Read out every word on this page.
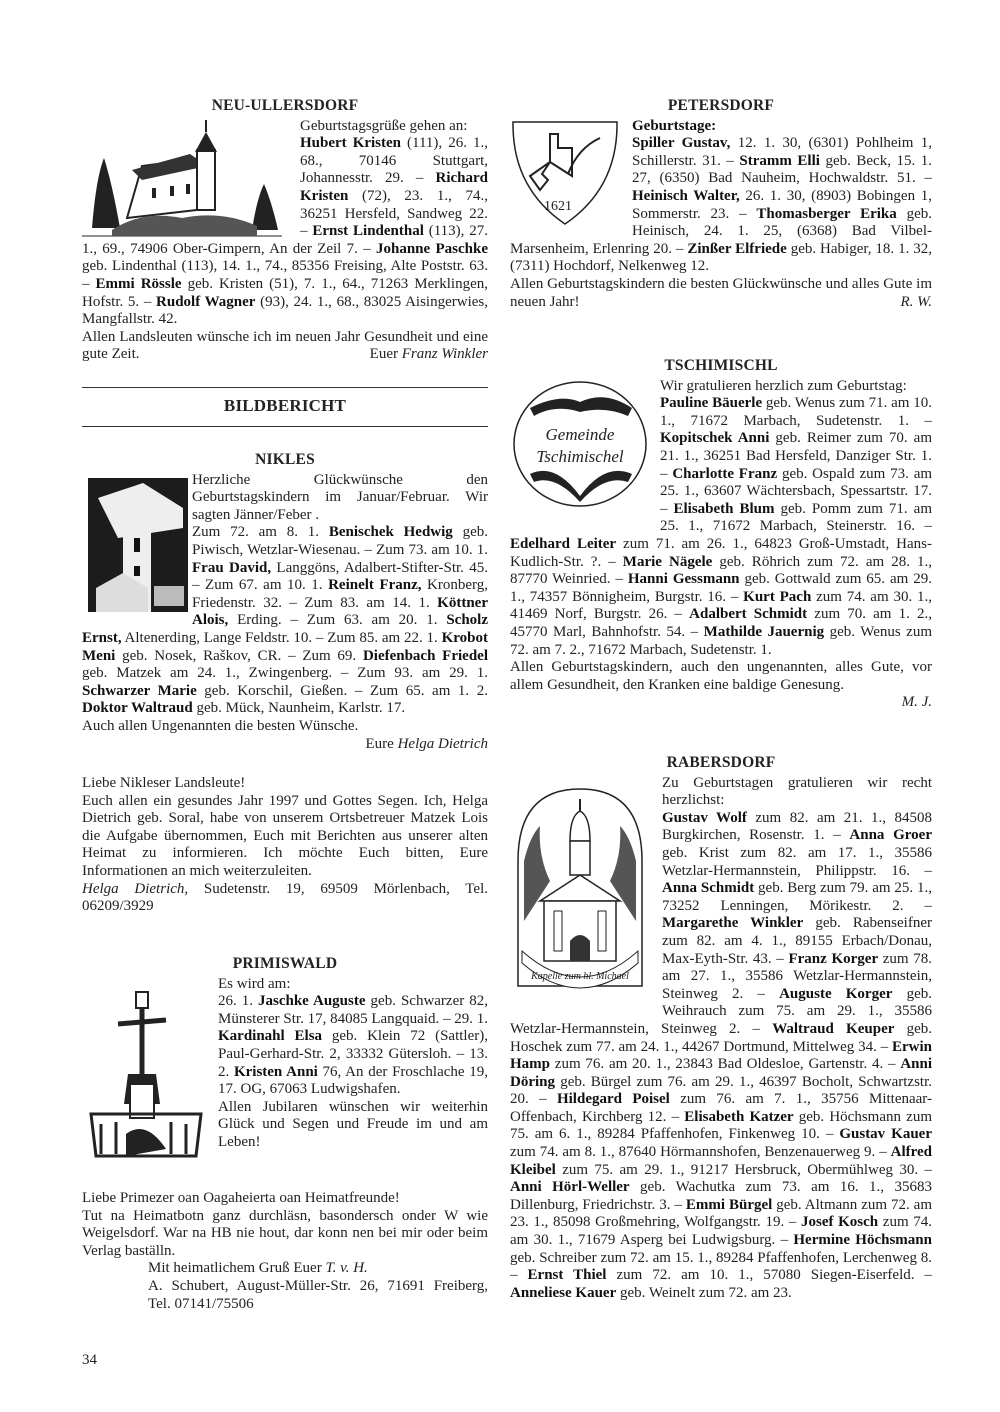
NEU-ULLERSDORF

Geburtstagsgrüße gehen an:

Hubert Kristen (111), 26. 1., 68., 70146 Stuttgart, Johannesstr. 29. – Richard Kristen (72), 23. 1., 74., 36251 Hersfeld, Sandweg 22. – Ernst Lindenthal (113), 27. 1., 69., 74906 Ober-Gimpern, An der Zeil 7. – Johanne Paschke geb. Lindenthal (113), 14. 1., 74., 85356 Freising, Alte Poststr. 63. – Emmi Rössle geb. Kristen (51), 7. 1., 64., 71263 Merklingen, Hofstr. 5. – Rudolf Wagner (93), 24. 1., 68., 83025 Aisingerwies, Mangfallstr. 42.

Allen Landsleuten wünsche ich im neuen Jahr Gesundheit und eine gute Zeit.	Euer Franz Winkler

BILDBERICHT
NIKLES

Herzliche Glückwünsche den Geburtstagskindern im Januar/Februar. Wir sagten Jänner/Feber .

Zum 72. am 8. 1. Benischek Hedwig geb. Piwisch, Wetzlar-Wiesenau. – Zum 73. am 10. 1. Frau David, Langgöns, Adalbert-Stifter-Str. 45. – Zum 67. am 10. 1. Reinelt Franz, Kronberg, Friedenstr. 32. – Zum 83. am 14. 1. Köttner Alois, Erding. – Zum 63. am 20. 1. Scholz Ernst, Altenerding, Lange Feldstr. 10. – Zum 85. am 22. 1. Krobot Meni geb. Nosek, Raškov, CR. – Zum 69. Diefenbach Friedel geb. Matzek am 24. 1., Zwingenberg. – Zum 93. am 29. 1. Schwarzer Marie geb. Korschil, Gießen. – Zum 65. am 1. 2. Doktor Waltraud geb. Mück, Naunheim, Karlstr. 17.

Auch allen Ungenannten die besten Wünsche.

Eure Helga Dietrich

Liebe Nikleser Landsleute!

Euch allen ein gesundes Jahr 1997 und Gottes Segen. Ich, Helga Dietrich geb. Soral, habe von unserem Ortsbetreuer Matzek Lois die Aufgabe übernommen, Euch mit Berichten aus unserer alten Heimat zu informieren. Ich möchte Euch bitten, Eure Informationen an mich weiterzuleiten.

Helga Dietrich, Sudetenstr. 19, 69509 Mörlenbach, Tel. 06209/3929

PRIMISWALD

Es wird am:

26. 1. Jaschke Auguste geb. Schwarzer 82, Münsterer Str. 17, 84085 Langquaid. – 29. 1. Kardinahl Elsa geb. Klein 72 (Sattler), Paul-Gerhard-Str. 2, 33332 Gütersloh. – 13. 2. Kristen Anni 76, An der Froschlache 19, 17. OG, 67063 Ludwigshafen.

Allen Jubilaren wünschen wir weiterhin Glück und Segen und Freude im und am Leben!

Liebe Primezer oan Oagaheierta oan Heimatfreunde!

Tut na Heimatbotn ganz durchläsn, basondersch onder W wie Weigelsdorf. War na HB nie hout, dar konn nen bei mir oder beim Verlag baställn.

Mit heimatlichem Gruß Euer T. v. H.

A. Schubert, August-Müller-Str. 26, 71691 Freiberg, Tel. 07141/75506

34
PETERSDORF
1621

Geburtstage:

Spiller Gustav, 12. 1. 30, (6301) Pohlheim 1, Schillerstr. 31. – Stramm Elli geb. Beck, 15. 1. 27, (6350) Bad Nauheim, Hochwaldstr. 51. – Heinisch Walter, 26. 1. 30, (8903) Bobingen 1, Sommerstr. 23. – Thomasberger Erika geb. Heinisch, 24. 1. 25, (6368) Bad Vilbel-Marsenheim, Erlenring 20. – Zinßer Elfriede geb. Habiger, 18. 1. 32, (7311) Hochdorf, Nelkenweg 12.

Allen Geburtstagskindern die besten Glückwünsche und alles Gute im neuen Jahr!	R. W.

TSCHIMISCHL
Gemeinde
Tschimischel

Wir gratulieren herzlich zum Geburtstag:

Pauline Bäuerle geb. Wenus zum 71. am 10. 1., 71672 Marbach, Sudetenstr. 1. – Kopitschek Anni geb. Reimer zum 70. am 21. 1., 36251 Bad Hersfeld, Danziger Str. 1. – Charlotte Franz geb. Ospald zum 73. am 25. 1., 63607 Wächtersbach, Spessartstr. 17. – Elisabeth Blum geb. Pomm zum 71. am 25. 1., 71672 Marbach, Steinerstr. 16. – Edelhard Leiter zum 71. am 26. 1., 64823 Groß-Umstadt, Hans-Kudlich-Str. ?. – Marie Nägele geb. Röhrich zum 72. am 28. 1., 87770 Weinried. – Hanni Gessmann geb. Gottwald zum 65. am 29. 1., 74357 Bönnigheim, Burgstr. 16. – Kurt Pach zum 74. am 30. 1., 41469 Norf, Burgstr. 26. – Adalbert Schmidt zum 70. am 1. 2., 45770 Marl, Bahnhofstr. 54. – Mathilde Jauernig geb. Wenus zum 72. am 7. 2., 71672 Marbach, Sudetenstr. 1.

Allen Geburtstagskindern, auch den ungenannten, alles Gute, vor allem Gesundheit, den Kranken eine baldige Genesung.

M. J.

RABERSDORF
Kapelle zum hl. Michael

Zu Geburtstagen gratulieren wir recht herzlichst:

Gustav Wolf zum 82. am 21. 1., 84508 Burgkirchen, Rosenstr. 1. – Anna Groer geb. Krist zum 82. am 17. 1., 35586 Wetzlar-Hermannstein, Philippstr. 16. – Anna Schmidt geb. Berg zum 79. am 25. 1., 73252 Lenningen, Mörikestr. 2. – Margarethe Winkler geb. Rabenseifner zum 82. am 4. 1., 89155 Erbach/Donau, Max-Eyth-Str. 43. – Franz Korger zum 78. am 27. 1., 35586 Wetzlar-Hermannstein, Steinweg 2. – Auguste Korger geb. Weihrauch zum 75. am 29. 1., 35586 Wetzlar-Hermannstein, Steinweg 2. – Waltraud Keuper geb. Hoschek zum 77. am 24. 1., 44267 Dortmund, Mittelweg 34. – Erwin Hamp zum 76. am 20. 1., 23843 Bad Oldesloe, Gartenstr. 4. – Anni Döring geb. Bürgel zum 76. am 29. 1., 46397 Bocholt, Schwartzstr. 20. – Hildegard Poisel zum 76. am 7. 1., 35756 Mittenaar-Offenbach, Kirchberg 12. – Elisabeth Katzer geb. Höchsmann zum 75. am 6. 1., 89284 Pfaffenhofen, Finkenweg 10. – Gustav Kauer zum 74. am 8. 1., 87640 Hörmannshofen, Benzenauerweg 9. – Alfred Kleibel zum 75. am 29. 1., 91217 Hersbruck, Obermühlweg 30. – Anni Hörl-Weller geb. Wachutka zum 73. am 16. 1., 35683 Dillenburg, Friedrichstr. 3. – Emmi Bürgel geb. Altmann zum 72. am 23. 1., 85098 Großmehring, Wolfgangstr. 19. – Josef Kosch zum 74. am 30. 1., 71679 Asperg bei Ludwigsburg. – Hermine Höchsmann geb. Schreiber zum 72. am 15. 1., 89284 Pfaffenhofen, Lerchenweg 8. – Ernst Thiel zum 72. am 10. 1., 57080 Siegen-Eiserfeld. – Anneliese Kauer geb. Weinelt zum 72. am 23.
